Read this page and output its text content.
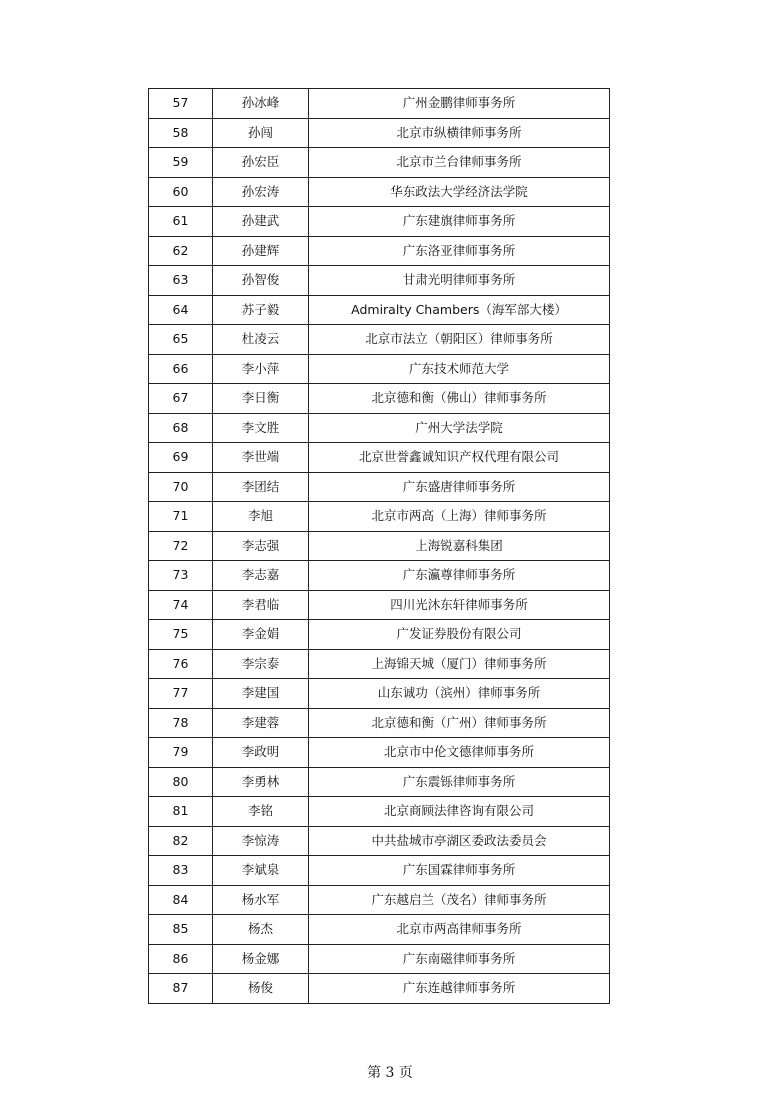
57	孙冰峰	广州金鹏律师事务所
58	孙闯	北京市纵横律师事务所
59	孙宏臣	北京市兰台律师事务所
60	孙宏涛	华东政法大学经济法学院
61	孙建武	广东建旗律师事务所
62	孙建辉	广东洛亚律师事务所
63	孙智俊	甘肃光明律师事务所
64	苏子毅	Admiralty Chambers（海军部大楼）
65	杜凌云	北京市法立（朝阳区）律师事务所
66	李小萍	广东技术师范大学
67	李日衡	北京德和衡（佛山）律师事务所
68	李文胜	广州大学法学院
69	李世端	北京世誉鑫诚知识产权代理有限公司
70	李团结	广东盛唐律师事务所
71	李旭	北京市两高（上海）律师事务所
72	李志强	上海锐嘉科集团
73	李志嘉	广东瀛尊律师事务所
74	李君临	四川光沐东轩律师事务所
75	李金娟	广发证券股份有限公司
76	李宗泰	上海锦天城（厦门）律师事务所
77	李建国	山东诚功（滨州）律师事务所
78	李建蓉	北京德和衡（广州）律师事务所
79	李政明	北京市中伦文德律师事务所
80	李勇林	广东震铄律师事务所
81	李铭	北京商顾法律咨询有限公司
82	李惊涛	中共盐城市亭湖区委政法委员会
83	李斌泉	广东国霖律师事务所
84	杨水军	广东越启兰（茂名）律师事务所
85	杨杰	北京市两高律师事务所
86	杨金娜	广东南磁律师事务所
87	杨俊	广东连越律师事务所
第 3 页
